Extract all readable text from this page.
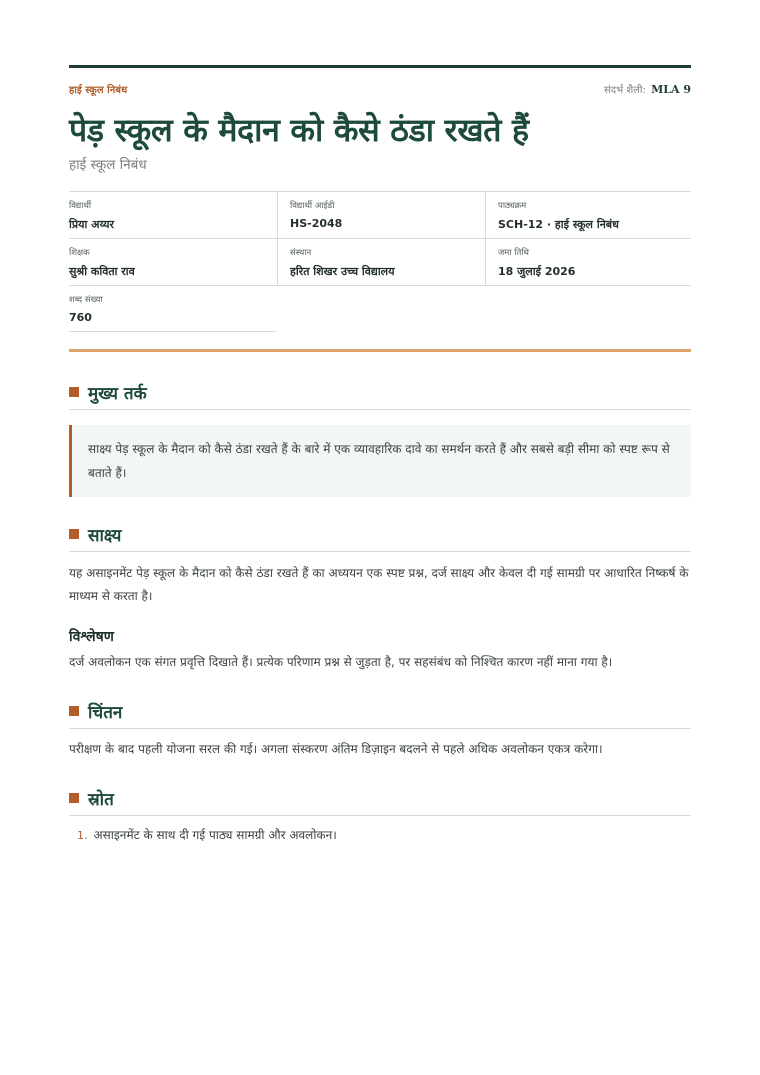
हाई स्कूल निबंध	संदर्भ शैली: MLA 9
पेड़ स्कूल के मैदान को कैसे ठंडा रखते हैं
हाई स्कूल निबंध
विद्यार्थी
प्रिया अय्यर
विद्यार्थी आईडी
HS-2048
पाठ्यक्रम
SCH-12 · हाई स्कूल निबंध
शिक्षक
सुश्री कविता राव
संस्थान
हरित शिखर उच्च विद्यालय
जमा तिथि
18 जुलाई 2026
शब्द संख्या
760
मुख्य तर्क
साक्ष्य पेड़ स्कूल के मैदान को कैसे ठंडा रखते हैं के बारे में एक व्यावहारिक दावे का समर्थन करते हैं और सबसे बड़ी सीमा को स्पष्ट रूप से बताते हैं।
साक्ष्य
यह असाइनमेंट पेड़ स्कूल के मैदान को कैसे ठंडा रखते हैं का अध्ययन एक स्पष्ट प्रश्न, दर्ज साक्ष्य और केवल दी गई सामग्री पर आधारित निष्कर्ष के माध्यम से करता है।
विश्लेषण
दर्ज अवलोकन एक संगत प्रवृत्ति दिखाते हैं। प्रत्येक परिणाम प्रश्न से जुड़ता है, पर सहसंबंध को निश्चित कारण नहीं माना गया है।
चिंतन
परीक्षण के बाद पहली योजना सरल की गई। अगला संस्करण अंतिम डिज़ाइन बदलने से पहले अधिक अवलोकन एकत्र करेगा।
स्रोत
1. असाइनमेंट के साथ दी गई पाठ्य सामग्री और अवलोकन।
